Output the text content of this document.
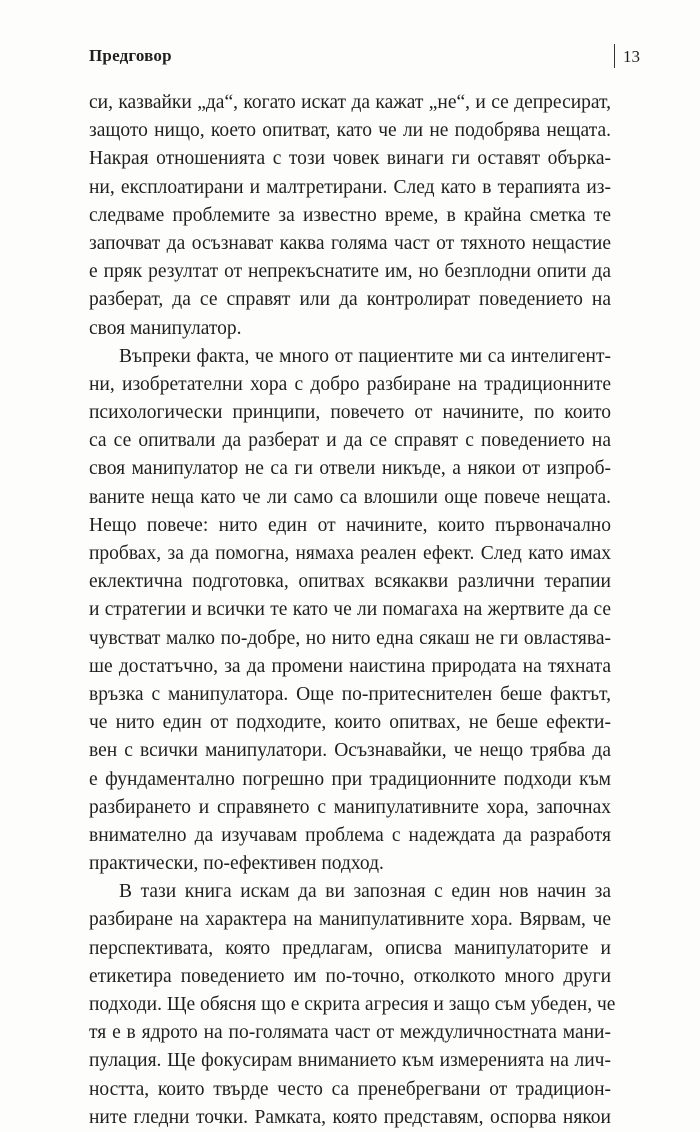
Предговор	13
си, казвайки „да“, когато искат да кажат „не“, и се депресират,
защото нищо, което опитват, като че ли не подобрява нещата.
Накрая отношенията с този човек винаги ги оставят обърка-
ни, експлоатирани и малтретирани. След като в терапията из-
следваме проблемите за известно време, в крайна сметка те
започват да осъзнават каква голяма част от тяхното нещастие
е пряк резултат от непрекъснатите им, но безплодни опити да
разберат, да се справят или да контролират поведението на
своя манипулатор.
Въпреки факта, че много от пациентите ми са интелигент-
ни, изобретателни хора с добро разбиране на традиционните
психологически принципи, повечето от начините, по които
са се опитвали да разберат и да се справят с поведението на
своя манипулатор не са ги отвели никъде, а някои от изпроб-
ваните неща като че ли само са влошили още повече нещата.
Нещо повече: нито един от начините, които първоначално
пробвах, за да помогна, нямаха реален ефект. След като имах
еклектична подготовка, опитвах всякакви различни терапии
и стратегии и всички те като че ли помагаха на жертвите да се
чувстват малко по-добре, но нито една сякаш не ги овластява-
ше достатъчно, за да промени наистина природата на тяхната
връзка с манипулатора. Още по-притеснителен беше фактът,
че нито един от подходите, които опитвах, не беше ефекти-
вен с всички манипулатори. Осъзнавайки, че нещо трябва да
е фундаментално погрешно при традиционните подходи към
разбирането и справянето с манипулативните хора, започнах
внимателно да изучавам проблема с надеждата да разработя
практически, по-ефективен подход.
В тази книга искам да ви запозная с един нов начин за
разбиране на характера на манипулативните хора. Вярвам, че
перспективата, която предлагам, описва манипулаторите и
етикетира поведението им по-точно, отколкото много други
подходи. Ще обясня що е скрита агресия и защо съм убеден, че
тя е в ядрото на по-голямата част от междуличностната мани-
пулация. Ще фокусирам вниманието към измеренията на лич-
ността, които твърде често са пренебрегвани от традицион-
ните гледни точки. Рамката, която представям, оспорва някои
